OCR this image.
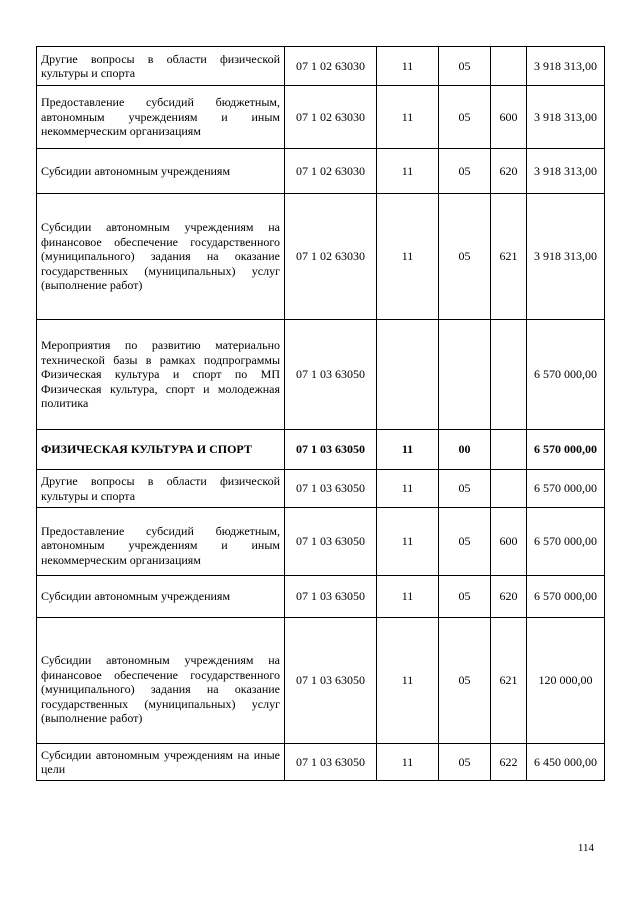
Другие вопросы в области физической культуры и спорта	07 1 02 63030	11	05		3 918 313,00
Предоставление субсидий бюджетным, автономным учреждениям и иным некоммерческим организациям	07 1 02 63030	11	05	600	3 918 313,00
Субсидии автономным учреждениям	07 1 02 63030	11	05	620	3 918 313,00
Субсидии автономным учреждениям на финансовое обеспечение государственного (муниципального) задания на оказание государственных (муниципальных) услуг (выполнение работ)	07 1 02 63030	11	05	621	3 918 313,00
Мероприятия по развитию материально технической базы в рамках подпрограммы Физическая культура и спорт по МП Физическая культура, спорт и молодежная политика	07 1 03 63050				6 570 000,00
ФИЗИЧЕСКАЯ КУЛЬТУРА И СПОРТ	07 1 03 63050	11	00		6 570 000,00
Другие вопросы в области физической культуры и спорта	07 1 03 63050	11	05		6 570 000,00
Предоставление субсидий бюджетным, автономным учреждениям и иным некоммерческим организациям	07 1 03 63050	11	05	600	6 570 000,00
Субсидии автономным учреждениям	07 1 03 63050	11	05	620	6 570 000,00
Субсидии автономным учреждениям на финансовое обеспечение государственного (муниципального) задания на оказание государственных (муниципальных) услуг (выполнение работ)	07 1 03 63050	11	05	621	120 000,00
Субсидии автономным учреждениям на иные цели	07 1 03 63050	11	05	622	6 450 000,00
114
